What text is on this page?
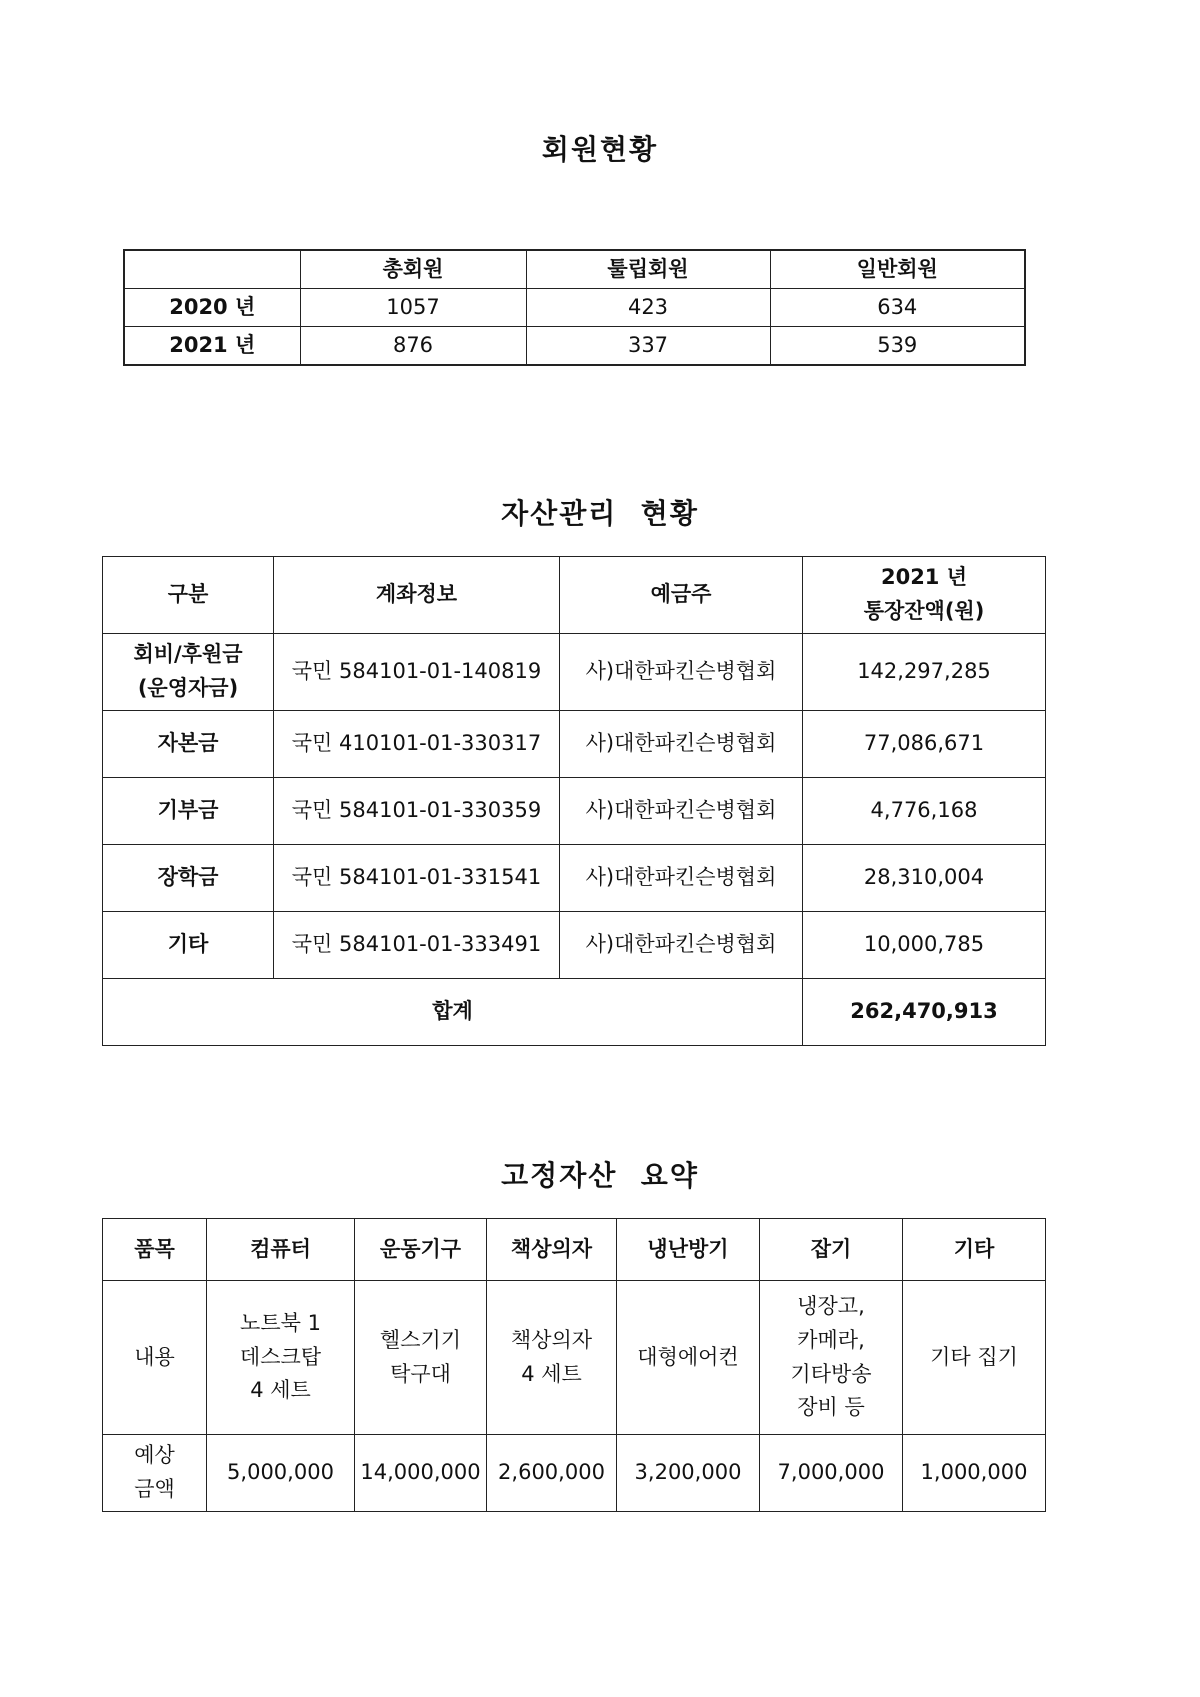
회원현황
	총회원	툴립회원	일반회원
2020 년	1057	423	634
2021 년	876	337	539
자산관리  현황
구분	계좌정보	예금주	2021 년
통장잔액(원)
회비/후원금
(운영자금)	국민 584101-01-140819	사)대한파킨슨병협회	142,297,285
자본금	국민 410101-01-330317	사)대한파킨슨병협회	77,086,671
기부금	국민 584101-01-330359	사)대한파킨슨병협회	4,776,168
장학금	국민 584101-01-331541	사)대한파킨슨병협회	28,310,004
기타	국민 584101-01-333491	사)대한파킨슨병협회	10,000,785
합계			262,470,913
고정자산  요약
품목	컴퓨터	운동기구	책상의자	냉난방기	잡기	기타
내용	노트북 1
데스크탑
4 세트	헬스기기
탁구대	책상의자
4 세트	대형에어컨	냉장고,
카메라,
기타방송
장비 등	기타 집기
예상
금액	5,000,000	14,000,000	2,600,000	3,200,000	7,000,000	1,000,000
